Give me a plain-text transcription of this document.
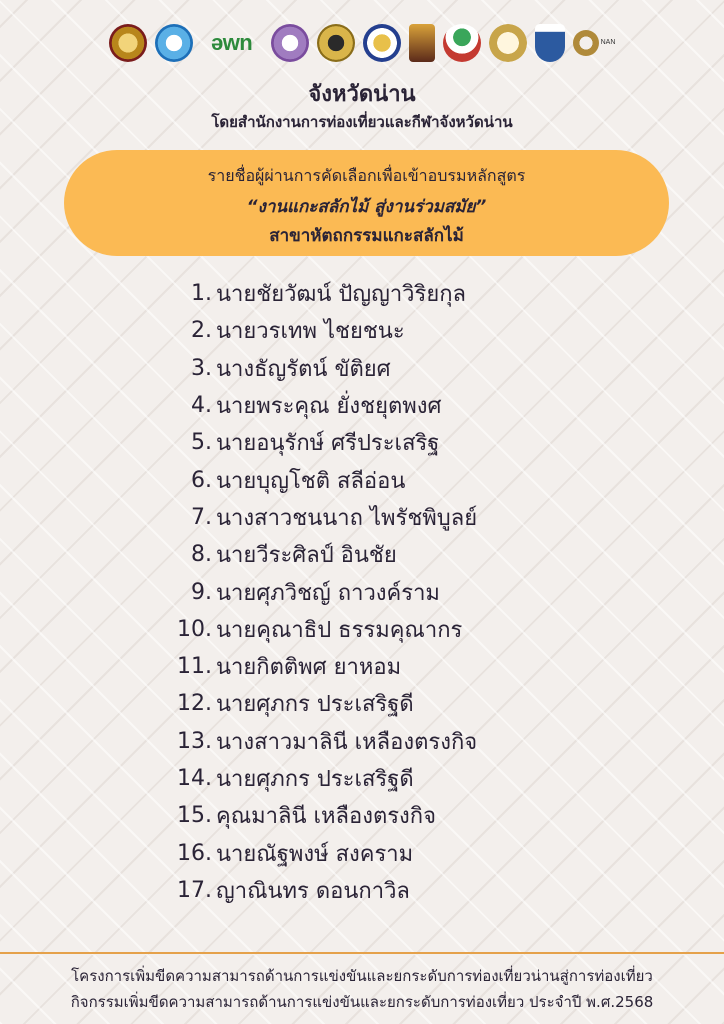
əwn	NAN
จังหวัดน่าน
โดยสำนักงานการท่องเที่ยวและกีฬาจังหวัดน่าน
รายชื่อผู้ผ่านการคัดเลือกเพื่อเข้าอบรมหลักสูตร
“งานแกะสลักไม้ สู่งานร่วมสมัย”
สาขาหัตถกรรมแกะสลักไม้
1. นายชัยวัฒน์ ปัญญาวิริยกุล
2. นายวรเทพ ไชยชนะ
3. นางธัญรัตน์ ขัติยศ
4. นายพระคุณ ยั่งชยุตพงศ
5. นายอนุรักษ์ ศรีประเสริฐ
6. นายบุญโชติ สลีอ่อน
7. นางสาวชนนาถ ไพรัชพิบูลย์
8. นายวีระศิลป์ อินชัย
9. นายศุภวิชญ์ ถาวงค์ราม
10. นายคุณาธิป ธรรมคุณากร
11. นายกิตติพศ ยาหอม
12. นายศุภกร ประเสริฐดี
13. นางสาวมาลินี เหลืองตรงกิจ
14. นายศุภกร ประเสริฐดี
15. คุณมาลินี เหลืองตรงกิจ
16. นายณัฐพงษ์ สงคราม
17. ญาณินทร ดอนกาวิล
โครงการเพิ่มขีดความสามารถด้านการแข่งขันและยกระดับการท่องเที่ยวน่านสู่การท่องเที่ยว
กิจกรรมเพิ่มขีดความสามารถด้านการแข่งขันและยกระดับการท่องเที่ยว ประจำปี พ.ศ.2568
